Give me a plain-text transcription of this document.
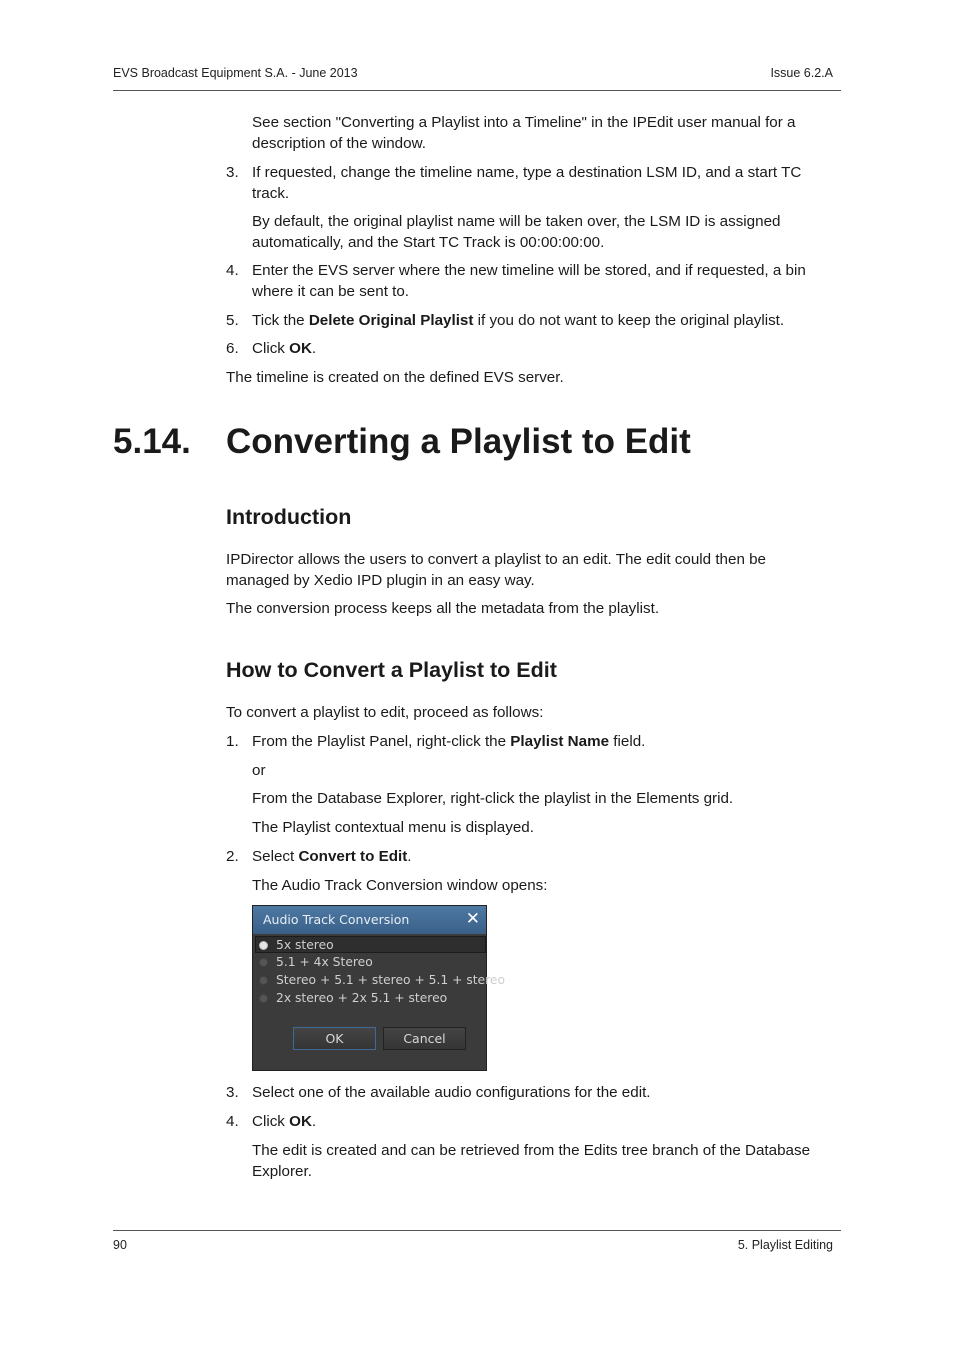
EVS Broadcast Equipment S.A. - June 2013	Issue 6.2.A

See section "Converting a Playlist into a Timeline" in the IPEdit user manual for a description of the window.

3. If requested, change the timeline name, type a destination LSM ID, and a start TC track.

By default, the original playlist name will be taken over, the LSM ID is assigned automatically, and the Start TC Track is 00:00:00:00.

4. Enter the EVS server where the new timeline will be stored, and if requested, a bin where it can be sent to.

5. Tick the Delete Original Playlist if you do not want to keep the original playlist.

6. Click OK.

The timeline is created on the defined EVS server.

5.14. Converting a Playlist to Edit
Introduction

IPDirector allows the users to convert a playlist to an edit. The edit could then be managed by Xedio IPD plugin in an easy way.

The conversion process keeps all the metadata from the playlist.

How to Convert a Playlist to Edit

To convert a playlist to edit, proceed as follows:

1. From the Playlist Panel, right-click the Playlist Name field.

or

From the Database Explorer, right-click the playlist in the Elements grid.

The Playlist contextual menu is displayed.

2. Select Convert to Edit.

The Audio Track Conversion window opens:

Audio Track Conversion	✕
5x stereo
5.1 + 4x Stereo
Stereo + 5.1 + stereo + 5.1 + stereo
2x stereo + 2x 5.1 + stereo
OK	Cancel
3. Select one of the available audio configurations for the edit.

4. Click OK.

The edit is created and can be retrieved from the Edits tree branch of the Database Explorer.

90	5. Playlist Editing
